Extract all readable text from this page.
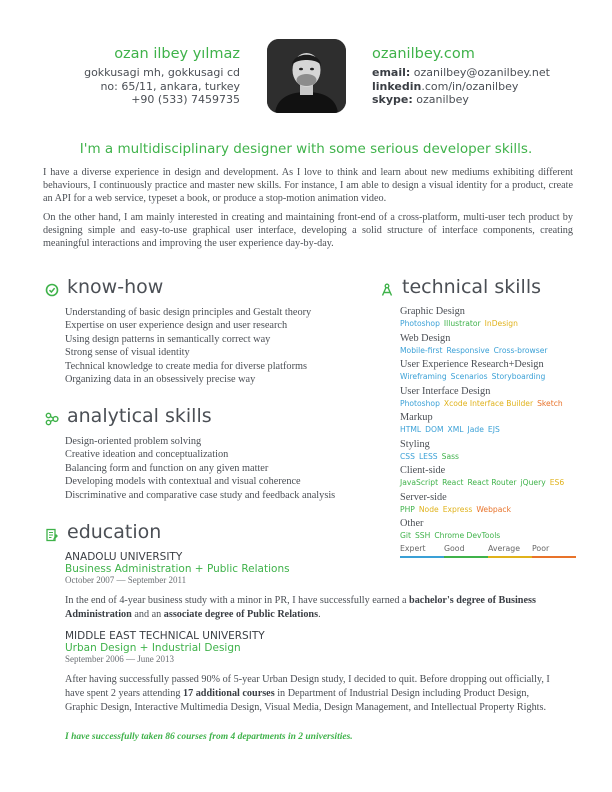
ozan ilbey yılmaz
gokkusagi mh, gokkusagi cd
no: 65/11, ankara, turkey
+90 (533) 7459735
ozanilbey.com
email: ozanilbey@ozanilbey.net
linkedin.com/in/ozanilbey
skype: ozanilbey
I'm a multidisciplinary designer with some serious developer skills.

I have a diverse experience in design and development. As I love to think and learn about new mediums exhibiting different behaviours, I continuously practice and master new skills. For instance, I am able to design a visual identity for a product, create an API for a web service, typeset a book, or produce a stop-motion animation video.

On the other hand, I am mainly interested in creating and maintaining front-end of a cross-platform, multi-user tech product by designing simple and easy-to-use graphical user interface, developing a solid structure of interface components, creating meaningful interactions and improving the user experience day-by-day.

know-how
Understanding of basic design principles and Gestalt theory
Expertise on user experience design and user research
Using design patterns in semantically correct way
Strong sense of visual identity
Technical knowledge to create media for diverse platforms
Organizing data in an obsessively precise way
analytical skills
Design-oriented problem solving
Creative ideation and conceptualization
Balancing form and function on any given matter
Developing models with contextual and visual coherence
Discriminative and comparative case study and feedback analysis
technical skills
Graphic Design
Photoshop Illustrator InDesign
Web Design
Mobile-first Responsive Cross-browser
User Experience Research+Design
Wireframing Scenarios Storyboarding
User Interface Design
Photoshop Xcode Interface Builder Sketch
Markup
HTML DOM XML Jade EJS
Styling
CSS LESS Sass
Client-side
JavaScript React React Router jQuery ES6
Server-side
PHP Node Express Webpack
Other
Git SSH Chrome DevTools
Expert Good	Average Poor
education
ANADOLU UNIVERSITY
Business Administration + Public Relations
October 2007 — September 2011
In the end of 4-year business study with a minor in PR, I have successfully earned a bachelor's degree of Business Administration and an associate degree of Public Relations.
MIDDLE EAST TECHNICAL UNIVERSITY
Urban Design + Industrial Design
September 2006 — June 2013
After having successfully passed 90% of 5-year Urban Design study, I decided to quit. Before dropping out officially, I have spent 2 years attending 17 additional courses in Department of Industrial Design including Product Design, Graphic Design, Interactive Multimedia Design, Visual Media, Design Management, and Intellectual Property Rights.
I have successfully taken 86 courses from 4 departments in 2 universities.
